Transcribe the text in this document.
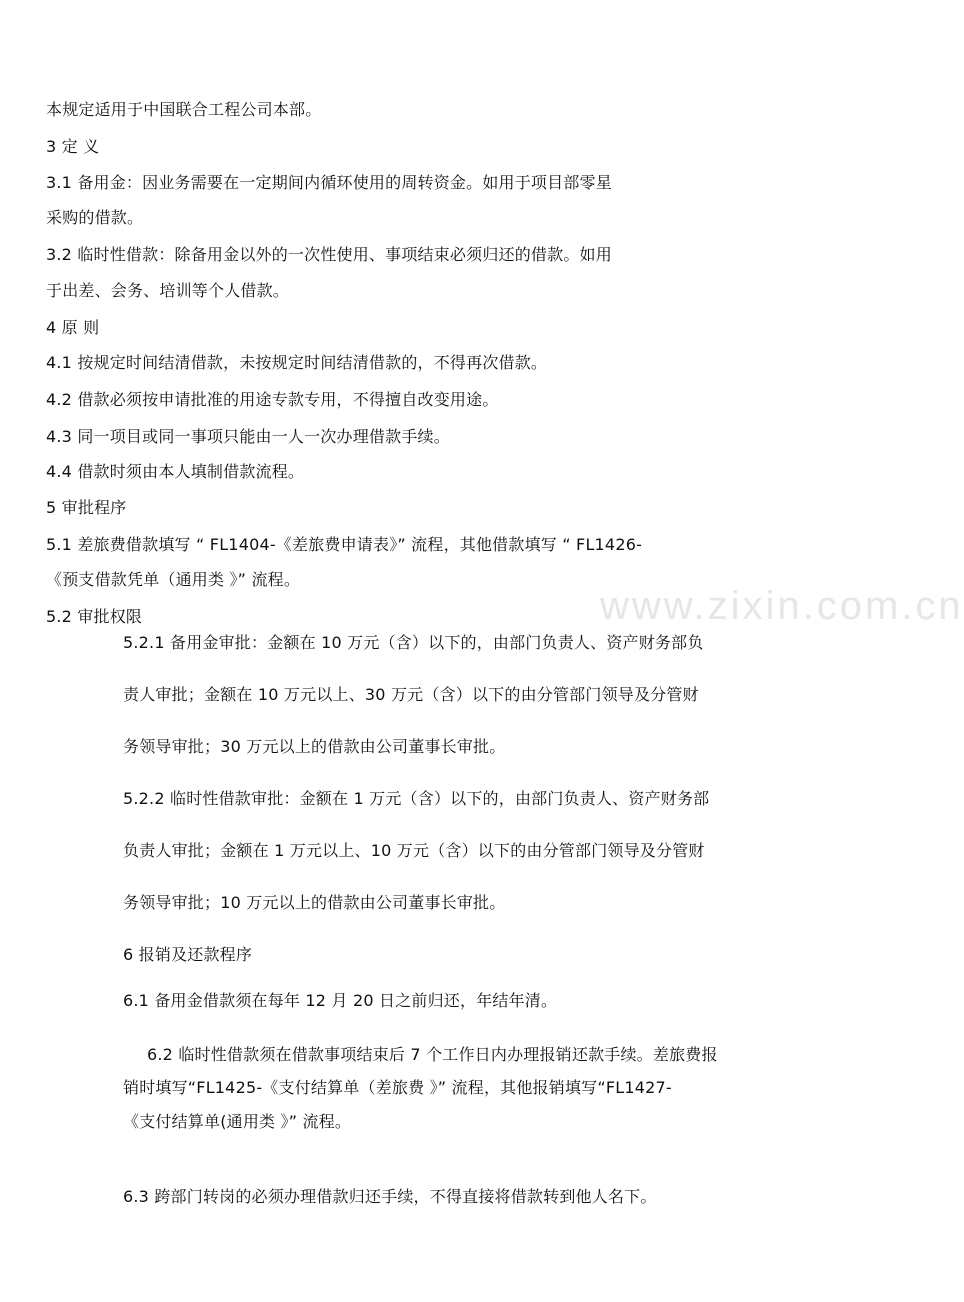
www.zixin.com.cn
本规定适用于中国联合工程公司本部。
3 定 义
3.1 备用金：因业务需要在一定期间内循环使用的周转资金。如用于项目部零星
采购的借款。
3.2 临时性借款：除备用金以外的一次性使用、事项结束必须归还的借款。如用
于出差、会务、培训等个人借款。
4 原 则
4.1 按规定时间结清借款，未按规定时间结清借款的，不得再次借款。
4.2 借款必须按申请批准的用途专款专用，不得擅自改变用途。
4.3 同一项目或同一事项只能由一人一次办理借款手续。
4.4 借款时须由本人填制借款流程。
5 审批程序
5.1 差旅费借款填写 “ FL1404-《差旅费申请表》” 流程，其他借款填写 “ FL1426-
《预支借款凭单（通用类 》” 流程。
5.2 审批权限
5.2.1 备用金审批：金额在 10 万元（含）以下的，由部门负责人、资产财务部负
责人审批；金额在 10 万元以上、30 万元（含）以下的由分管部门领导及分管财
务领导审批；30 万元以上的借款由公司董事长审批。
5.2.2 临时性借款审批：金额在 1 万元（含）以下的，由部门负责人、资产财务部
负责人审批；金额在 1 万元以上、10 万元（含）以下的由分管部门领导及分管财
务领导审批；10 万元以上的借款由公司董事长审批。
6 报销及还款程序
6.1 备用金借款须在每年 12 月 20 日之前归还，年结年清。
6.2 临时性借款须在借款事项结束后 7 个工作日内办理报销还款手续。差旅费报
销时填写“FL1425-《支付结算单（差旅费 》” 流程，其他报销填写“FL1427-
《支付结算单(通用类 》” 流程。
6.3 跨部门转岗的必须办理借款归还手续，不得直接将借款转到他人名下。
